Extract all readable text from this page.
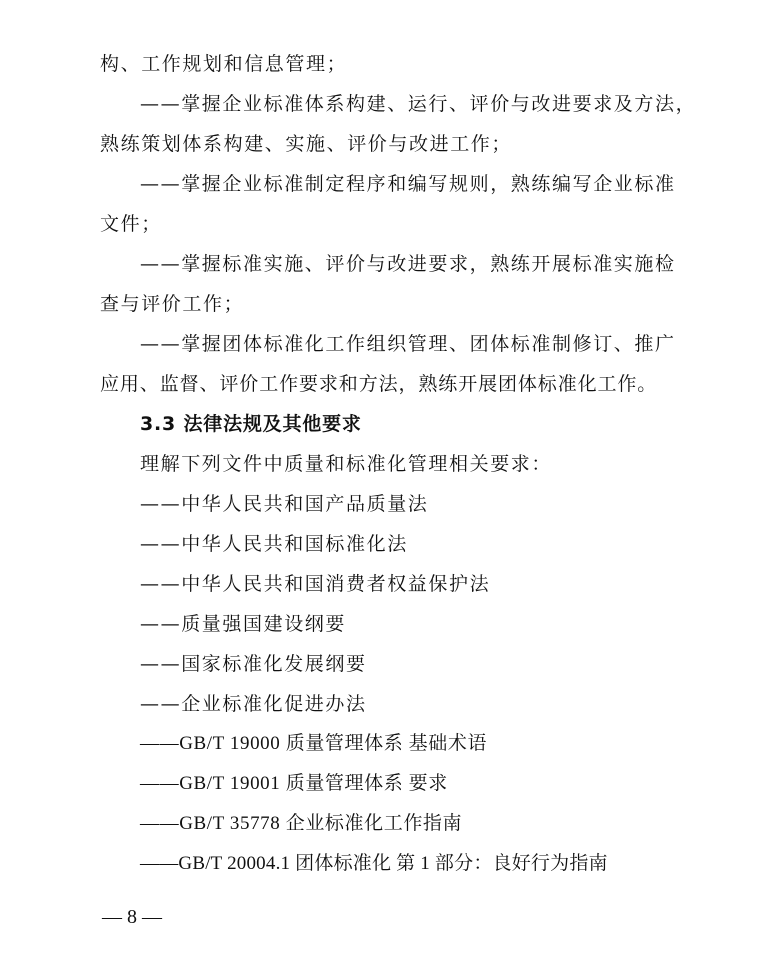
构、工作规划和信息管理；
——掌握企业标准体系构建、运行、评价与改进要求及方法，
熟练策划体系构建、实施、评价与改进工作；
——掌握企业标准制定程序和编写规则，熟练编写企业标准
文件；
——掌握标准实施、评价与改进要求，熟练开展标准实施检
查与评价工作；
——掌握团体标准化工作组织管理、团体标准制修订、推广
应用、监督、评价工作要求和方法，熟练开展团体标准化工作。
3.3 法律法规及其他要求
理解下列文件中质量和标准化管理相关要求：
——中华人民共和国产品质量法
——中华人民共和国标准化法
——中华人民共和国消费者权益保护法
——质量强国建设纲要
——国家标准化发展纲要
——企业标准化促进办法
——GB/T 19000 质量管理体系 基础术语
——GB/T 19001 质量管理体系 要求
——GB/T 35778 企业标准化工作指南
——GB/T 20004.1 团体标准化 第 1 部分：良好行为指南
— 8 —
